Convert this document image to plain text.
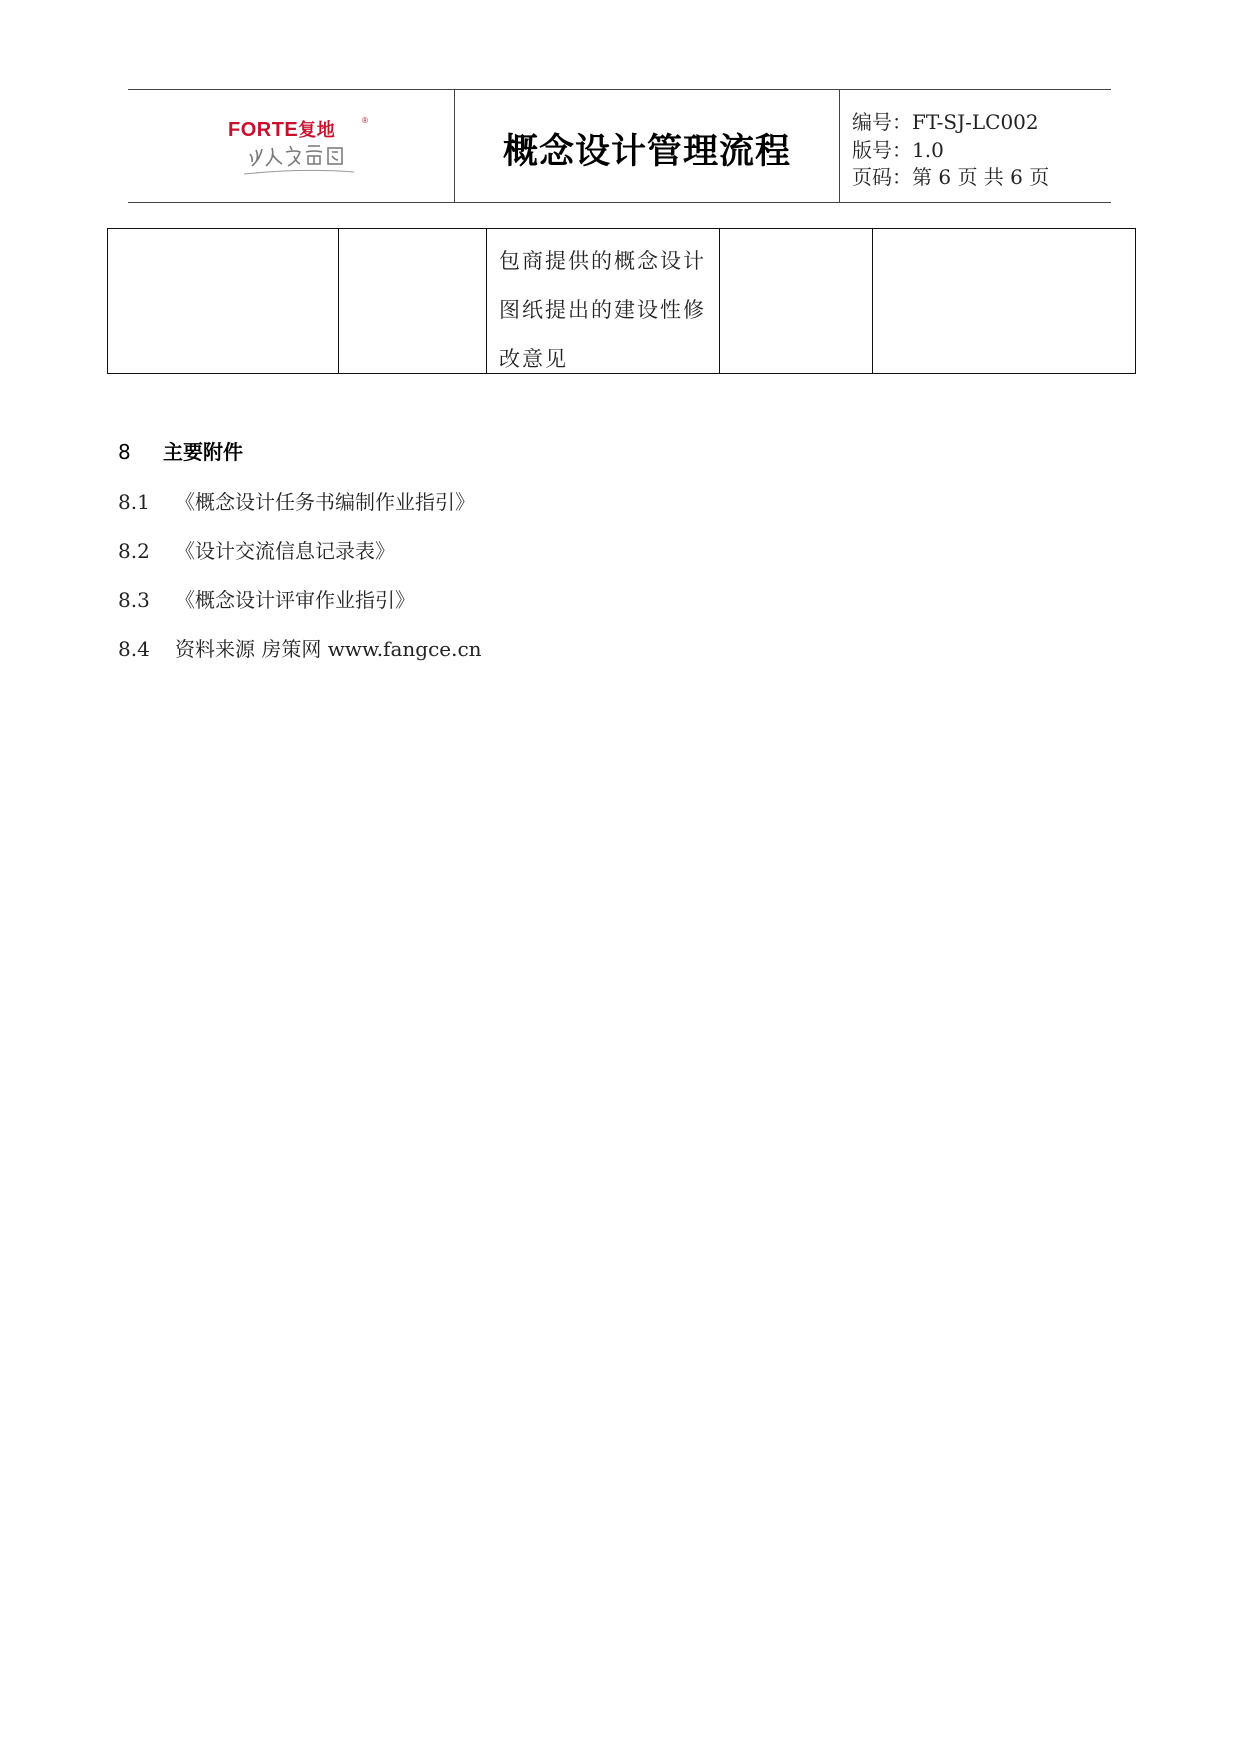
FORTE复地	®
概念设计管理流程
编号：FT-SJ-LC002
版号：1.0
页码：第 6 页 共 6 页
包商提供的概念设计图纸提出的建设性修改意见
8 主要附件
8.1 《概念设计任务书编制作业指引》
8.2 《设计交流信息记录表》
8.3 《概念设计评审作业指引》
8.4 资料来源 房策网 www.fangce.cn
